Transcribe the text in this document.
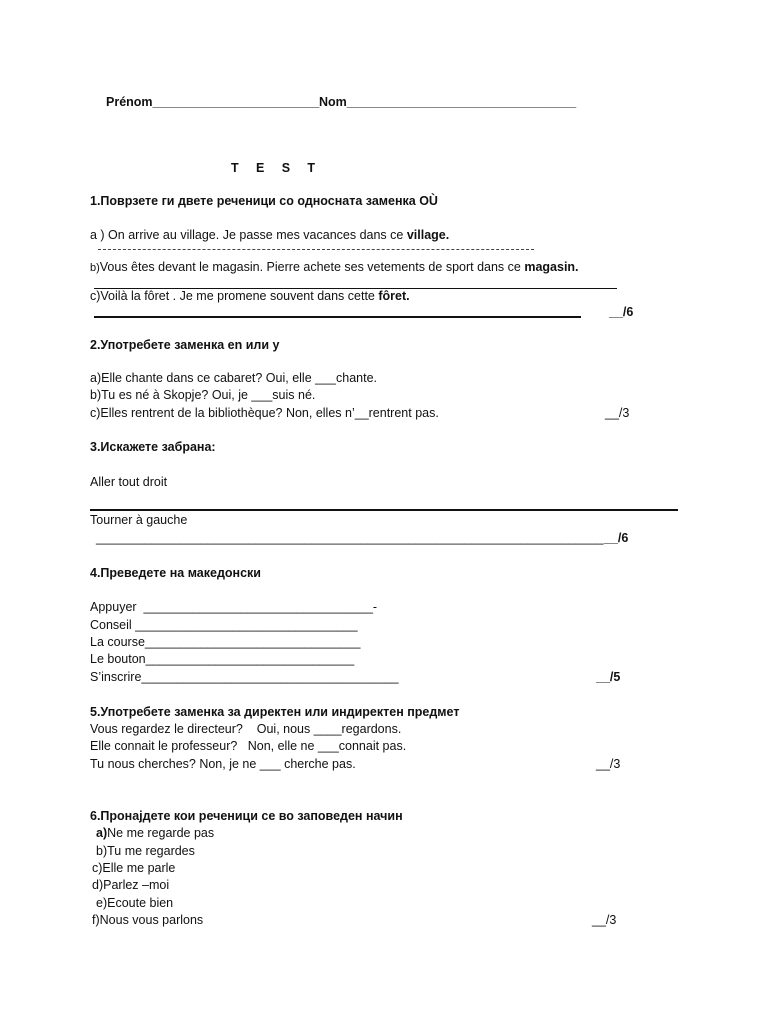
Prénom________________________ Nom_________________________________
T     E     S     T
1.Поврзете ги двете реченици со односната заменка OÙ
a ) On arrive au village. Je passe mes vacances dans ce village.
b)Vous êtes devant le magasin. Pierre achete ses vetements de sport dans ce magasin.
c)Voilà la fôret . Je me promene souvent dans cette fôret.
__/6
2.Употребете заменка en или y
a)Elle chante dans ce cabaret? Oui, elle ___chante.
b)Tu es né à Skopje? Oui, je ___suis né.
c)Elles rentrent de la bibliothèque? Non, elles n’__rentrent pas.	__/3
3.Искажете забрана:
Aller tout droit
Tourner à gauche
_________________________________________________________________________ __/6
4.Преведете на македонски
Appuyer  _________________________________-
Conseil ________________________________
La course_______________________________
Le bouton______________________________
S’inscrire_____________________________________	__/5
5.Употребете заменка за директен или индиректен предмет
Vous regardez le directeur?    Oui, nous ____regardons.
Elle connait le professeur?   Non, elle ne ___connait pas.
Tu nous cherches? Non, je ne ___ cherche pas.	__/3
6.Пронајдете кои реченици се во заповеден начин
a)Ne me regarde pas
b)Tu me regardes
c)Elle me parle
d)Parlez –moi
e)Ecoute bien
f)Nous vous parlons	__/3
